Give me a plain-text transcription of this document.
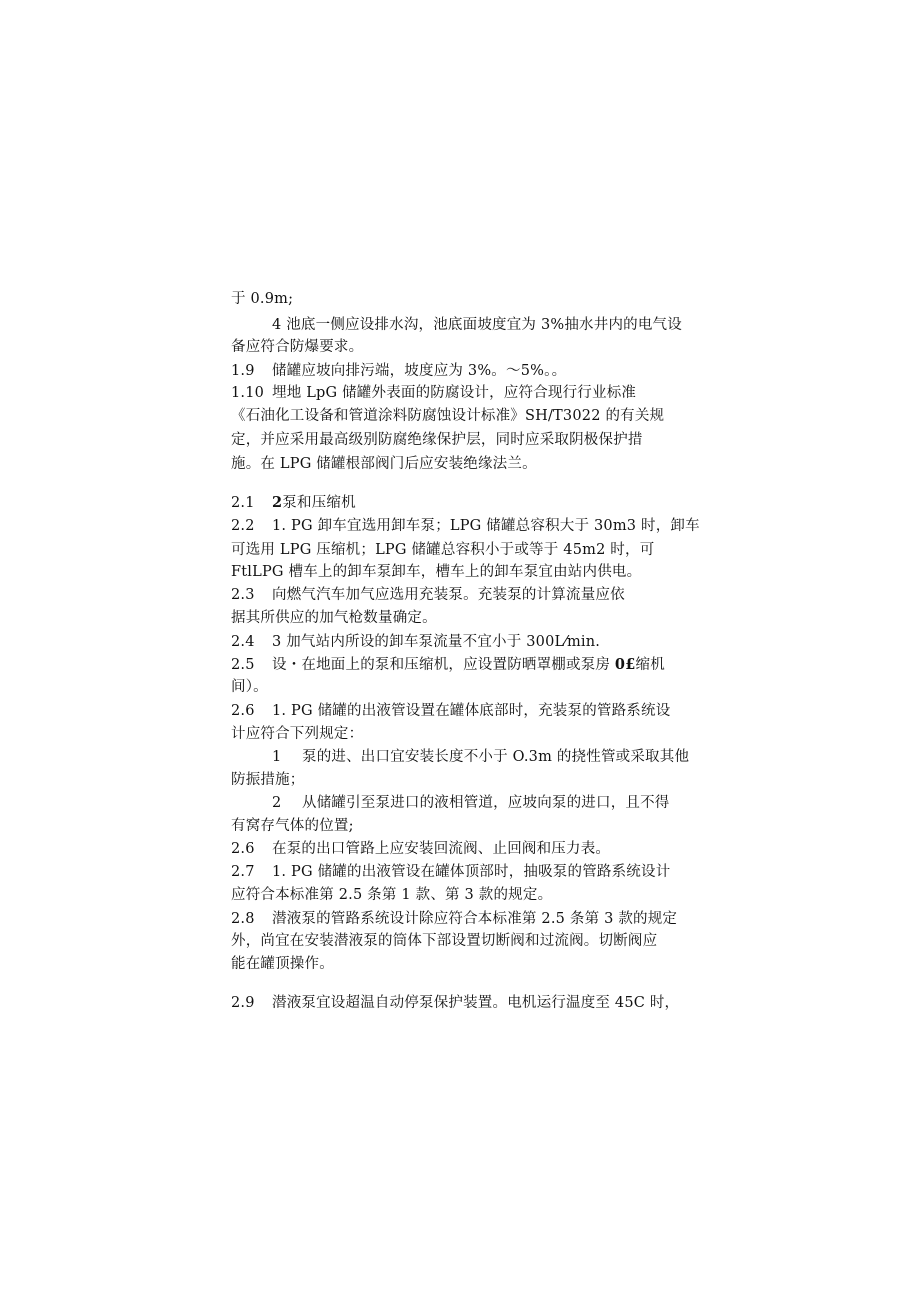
于 0.9m;
4 池底一侧应设排水沟，池底面坡度宜为 3%抽水井内的电气设
备应符合防爆要求。
1.9 储罐应坡向排污端，坡度应为 3%。～5%。。
1.10 埋地 LpG 储罐外表面的防腐设计，应符合现行行业标准
《石油化工设备和管道涂料防腐蚀设计标准》SH/T3022 的有关规
定，并应采用最高级别防腐绝缘保护层，同时应采取阴极保护措
施。在 LPG 储罐根部阀门后应安装绝缘法兰。
2.1 2泵和压缩机
2.2 1. PG 卸车宜选用卸车泵；LPG 储罐总容积大于 30m3 时，卸车
可选用 LPG 压缩机；LPG 储罐总容积小于或等于 45m2 时，可
FtlLPG 槽车上的卸车泵卸车，槽车上的卸车泵宜由站内供电。
2.3 向燃气汽车加气应选用充装泵。充装泵的计算流量应依
据其所供应的加气枪数量确定。
2.4 3 加气站内所设的卸车泵流量不宜小于 300L⁄min.
2.5 设・在地面上的泵和压缩机，应设置防晒罩棚或泵房 0£缩机
间）。
2.6 1. PG 储罐的出液管设置在罐体底部时，充装泵的管路系统设
计应符合下列规定：
1 泵的进、出口宜安装长度不小于 O.3m 的挠性管或采取其他
防振措施；
2 从储罐引至泵进口的液相管道，应坡向泵的进口，且不得
有窝存气体的位置;
2.6 在泵的出口管路上应安装回流阀、止回阀和压力表。
2.7 1. PG 储罐的出液管设在罐体顶部时，抽吸泵的管路系统设计
应符合本标准第 2.5 条第 1 款、第 3 款的规定。
2.8 潜液泵的管路系统设计除应符合本标准第 2.5 条第 3 款的规定
外，尚宜在安装潜液泵的筒体下部设置切断阀和过流阀。切断阀应
能在罐顶操作。
2.9 潜液泵宜设超温自动停泵保护装置。电机运行温度至 45C 时，
